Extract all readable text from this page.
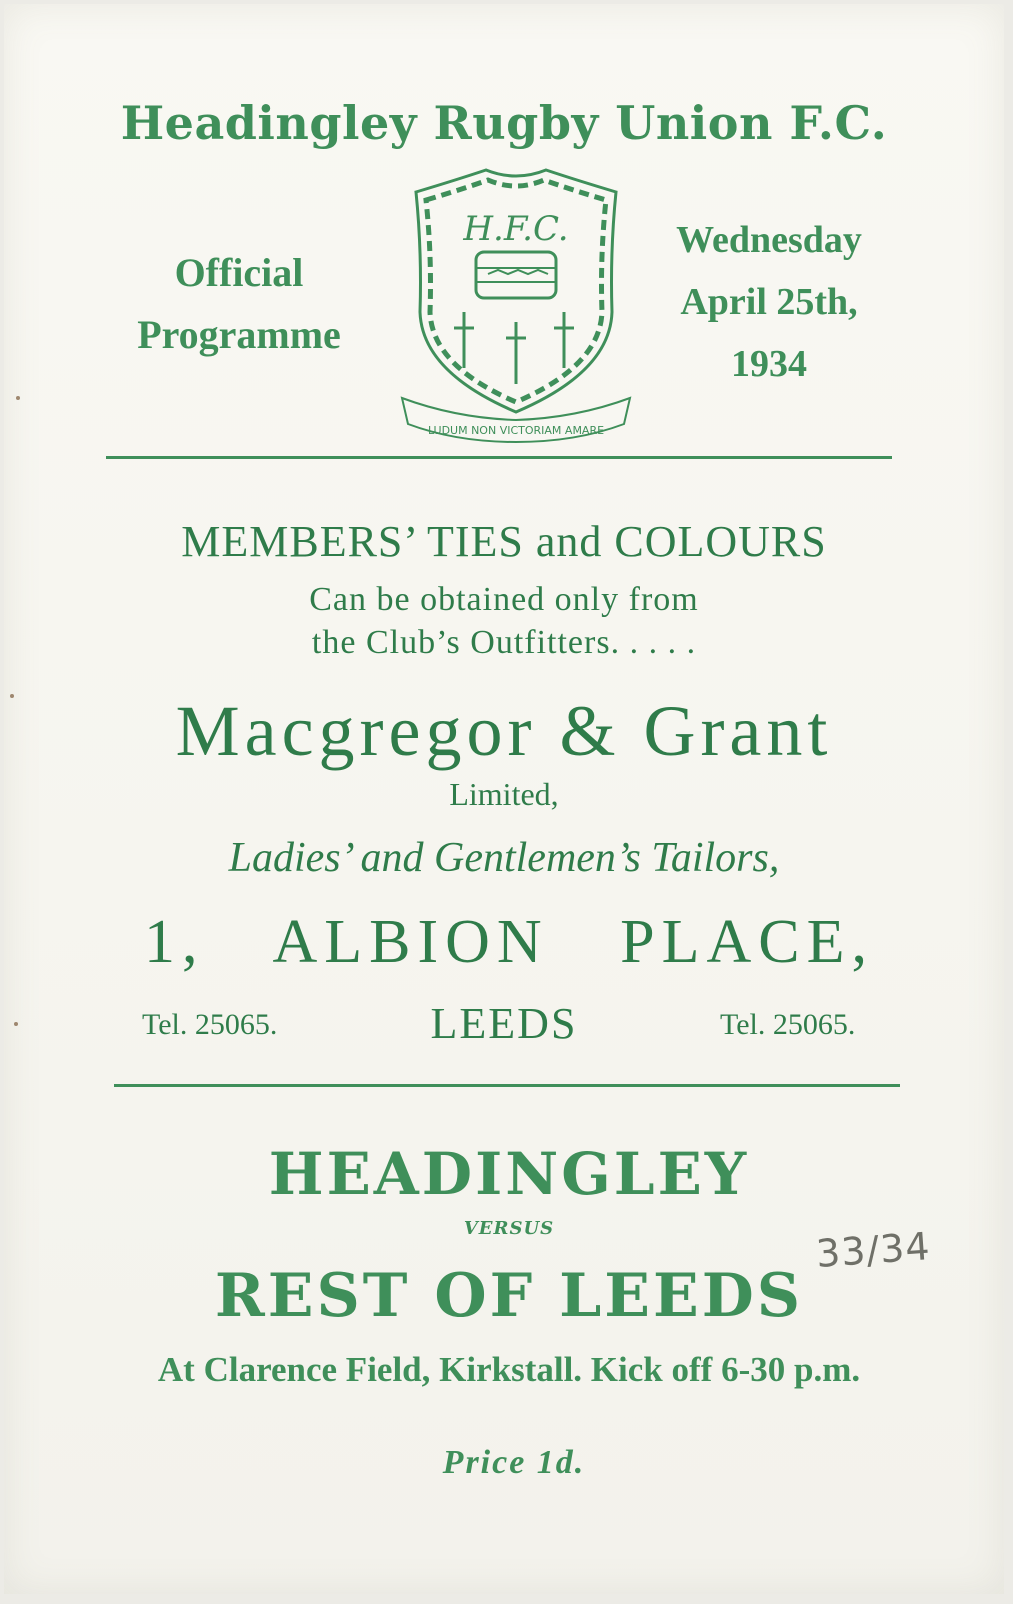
Headingley Rugby Union F.C.
Official
Programme
Wednesday
April 25th,
1934
H.F.C.
LUDUM NON VICTORIAM AMARE
MEMBERS’ TIES and COLOURS
Can be obtained only from
the Club’s Outfitters. . . . .
Macgregor & Grant
Limited,
Ladies’ and Gentlemen’s Tailors,
1, ALBION PLACE,
Tel. 25065.	LEEDS	Tel. 25065.
HEADINGLEY
VERSUS
REST OF LEEDS
At Clarence Field, Kirkstall. Kick off 6-30 p.m.
Price 1d.
33/34
